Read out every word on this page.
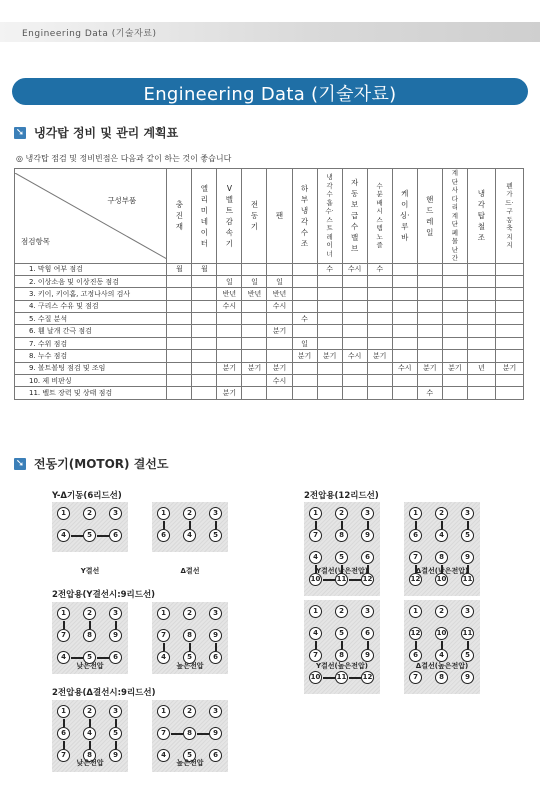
Engineering Data (기술자료)
Engineering Data (기술자료)
➘ 냉각탑 정비 및 관리 계획표
◎ 냉각탑 점검 및 정비빈점은 다음과 같이 하는 것이 좋습니다
구성부품
점검항목	충진재	엘리미네이터	V벨트감속기	전동기	팬	하부냉각수조	냉각수흡수·스트레이너	자동보급수밸브	수분배시스템노즐	케이싱·루바	핸드레일	계단사다리계단폐물난간	냉각탑철조	펜가드·구동축지지
1. 막힘 여부 점검	월	월					수	수시	수					
2. 이상소음 및 이상진동 점검			일	일	일									
3. 키이, 키이홈, 고정나사의 검사			반년	반년	반년									
4. 구리스 수유 및 점검			수시		수시									
5. 수질 분석						수								
6. 휀 날개 간극 점검					분기									
7. 수위 점검						일								
8. 누수 점검						분기	분기	수시	분기					
9. 볼트볼팅 점검 및 조임			분기	분기	분기					수시	분기	분기	년	분기
10. 제 비판싱					수시									
11. 벨트 장력 및 상태 점검			분기								수			
➘ 전동기(MOTOR) 결선도
Y-Δ기동(6리드선)
1	2	3
4	5	6
Y결선
1	2	3
6	4	5
Δ결선
2전압용(Y결선시:9리드선)
1	2	3
7	8	9
4	5	6
낮은전압
1	2	3
7	8	9
4	5	6
높은전압
2전압용(Δ결선시:9리드선)
1	2	3
6	4	5
7	8	9
낮은전압
1	2	3
7	8	9
4	5	6
높은전압
2전압용(12리드선)
1	2	3
7	8	9
4	5	6
10 11 12
Y결선(낮은전압)
1	2	3
6	4	5
7	8	9
12 10 11
Δ결선(낮은전압)
1	2	3
4	5	6
7	8	9
10 11 12
Y결선(높은전압)
1	2	3
12 10 11
6	4	5
7	8	9
Δ결선(높은전압)
